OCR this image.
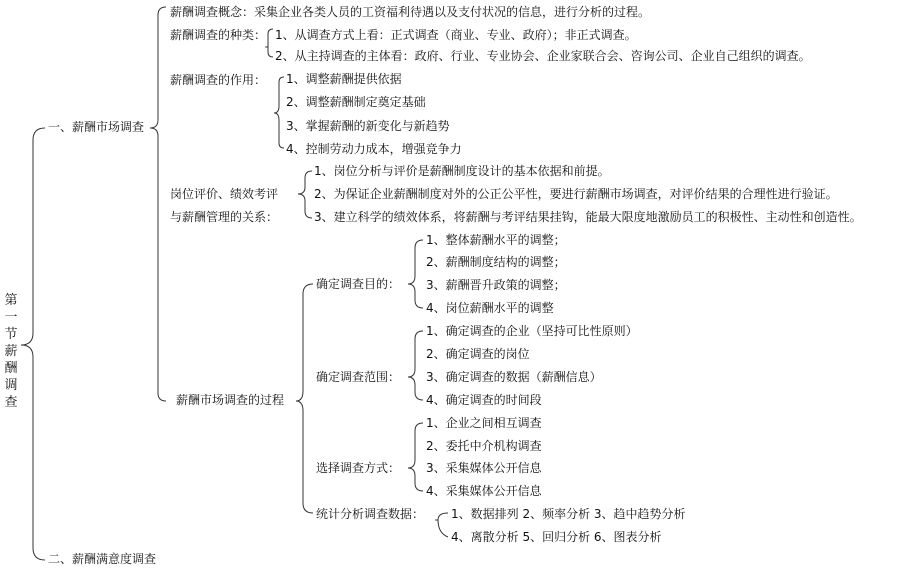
第
一
节
薪
酬
调
查
一、薪酬市场调查
二、薪酬满意度调查
薪酬调查概念：采集企业各类人员的工资福利待遇以及支付状况的信息，进行分析的过程。
薪酬调查的种类： 1、从调查方式上看：正式调查（商业、专业、政府）；非正式调查。
2、从主持调查的主体看：政府、行业、专业协会、企业家联合会、咨询公司、企业自己组织的调查。
薪酬调查的作用： 1、调整薪酬提供依据
2、调整薪酬制定奠定基础
3、掌握薪酬的新变化与新趋势
4、控制劳动力成本，增强竞争力
岗位评价、绩效考评
与薪酬管理的关系：
1、岗位分析与评价是薪酬制度设计的基本依据和前提。
2、为保证企业薪酬制度对外的公正公平性，要进行薪酬市场调查，对评价结果的合理性进行验证。
3、建立科学的绩效体系，将薪酬与考评结果挂钩，能最大限度地激励员工的积极性、主动性和创造性。
薪酬市场调查的过程
确定调查目的：
1、整体薪酬水平的调整；
2、薪酬制度结构的调整；
3、薪酬晋升政策的调整；
4、岗位薪酬水平的调整
确定调查范围：
1、确定调查的企业（坚持可比性原则）
2、确定调查的岗位
3、确定调查的数据（薪酬信息）
4、确定调查的时间段
选择调查方式：
1、企业之间相互调查
2、委托中介机构调查
3、采集媒体公开信息
4、采集媒体公开信息
统计分析调查数据： 1、数据排列 2、频率分析 3、趋中趋势分析
4、离散分析 5、回归分析 6、图表分析
